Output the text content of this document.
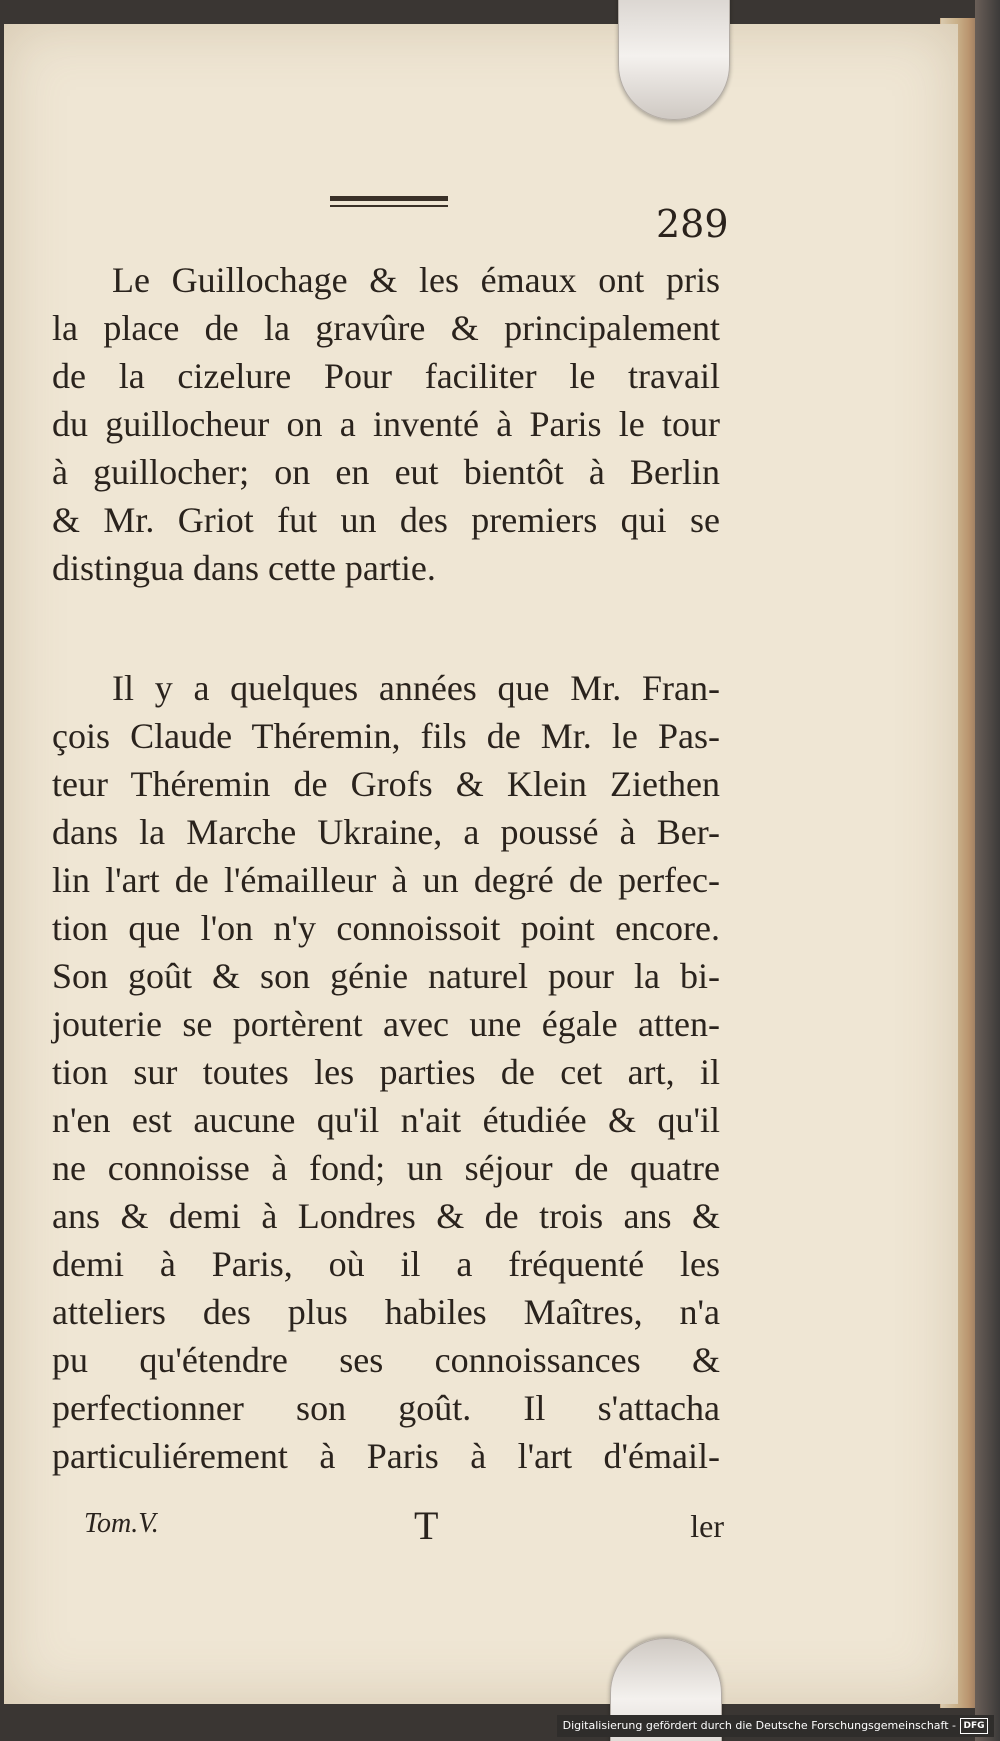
289
Le Guillochage & les émaux ont pris
la place de la gravûre & principalement
de la cizelure Pour faciliter le travail
du guillocheur on a inventé à Paris le tour
à guillocher; on en eut bientôt à Berlin
& Mr. Griot fut un des premiers qui se
distingua dans cette partie.
Il y a quelques années que Mr. Fran-
çois Claude Théremin, fils de Mr. le Pas-
teur Théremin de Grofs & Klein Ziethen
dans la Marche Ukraine, a poussé à Ber-
lin l'art de l'émailleur à un degré de perfec-
tion que l'on n'y connoissoit point encore.
Son goût & son génie naturel pour la bi-
jouterie se portèrent avec une égale atten-
tion sur toutes les parties de cet art, il
n'en est aucune qu'il n'ait étudiée & qu'il
ne connoisse à fond; un séjour de quatre
ans & demi à Londres & de trois ans &
demi à Paris, où il a fréquenté les
atteliers des plus habiles Maîtres, n'a
pu qu'étendre ses connoissances &
perfectionner son goût. Il s'attacha
particuliérement à Paris à l'art d'émail-
Tom.V.	T	ler
Digitalisierung gefördert durch die Deutsche Forschungsgemeinschaft - DFG
